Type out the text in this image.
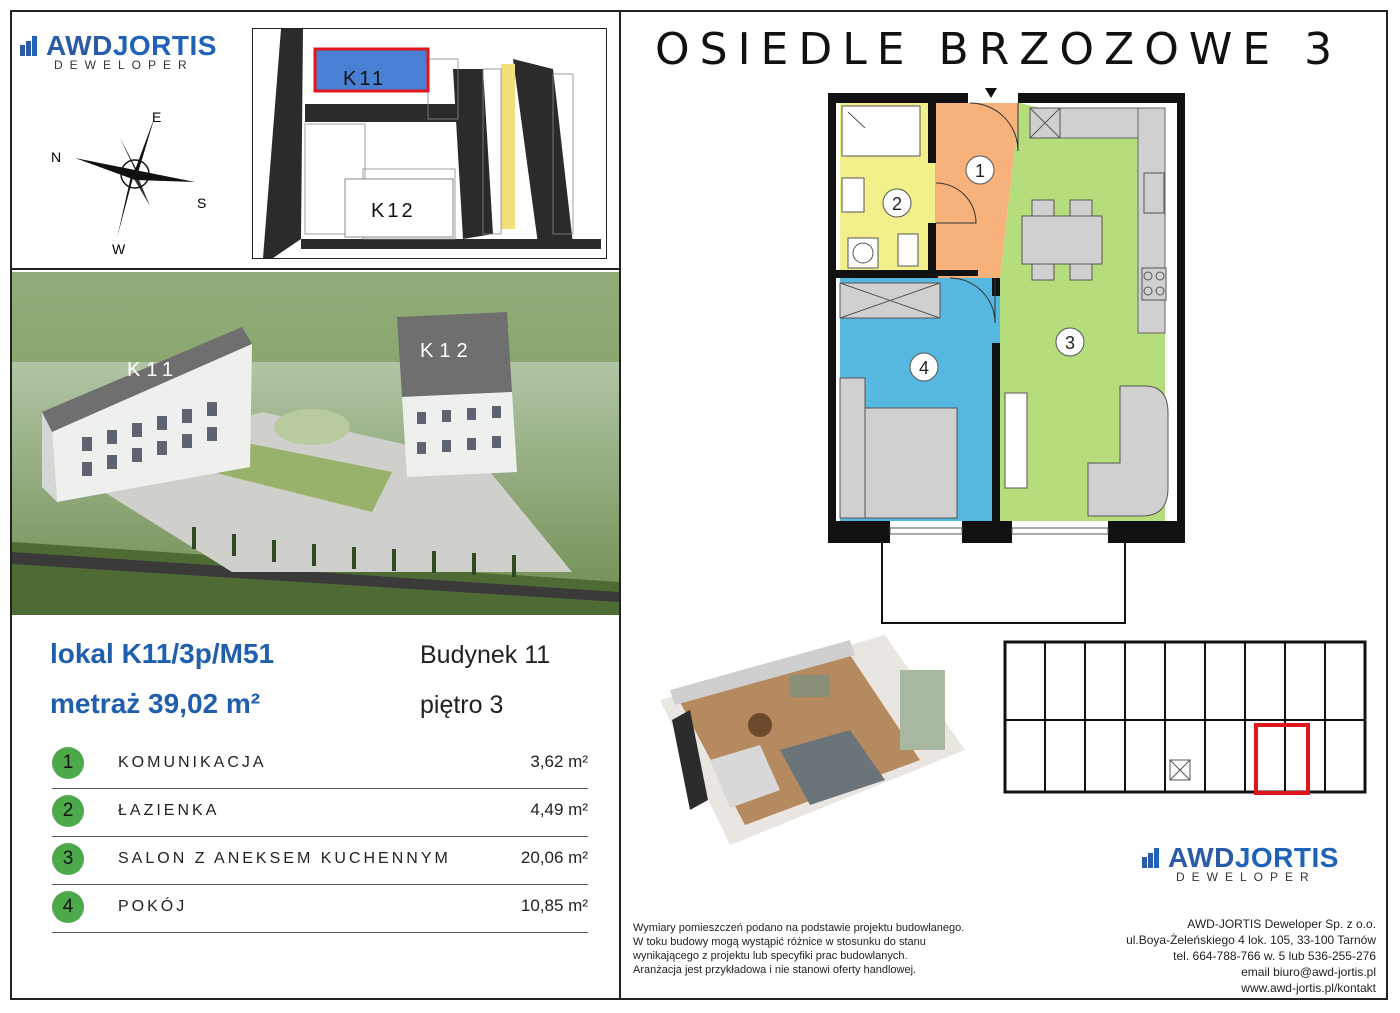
AWDJORTIS
DEWELOPER
N
E
S
W
K11
K12
K11
K12
lokal K11/3p/M51
metraż 39,02 m²
Budynek 11
piętro 3
1	KOMUNIKACJA	3,62 m²
2	ŁAZIENKA	4,49 m²
3	SALON Z ANEKSEM KUCHENNYM	20,06 m²
4	POKÓJ	10,85 m²
OSIEDLE BRZOZOWE 3
1
2
3
4
AWDJORTIS
DEWELOPER
Wymiary pomieszczeń podano na podstawie projektu budowlanego.
W toku budowy mogą wystąpić różnice w stosunku do stanu
wynikającego z projektu lub specyfiki prac budowlanych.
Aranżacja jest przykładowa i nie stanowi oferty handlowej.
AWD-JORTIS Deweloper Sp. z o.o.
ul.Boya-Żeleńskiego 4 lok. 105, 33-100 Tarnów
tel. 664-788-766 w. 5 lub 536-255-276
email biuro@awd-jortis.pl
www.awd-jortis.pl/kontakt
